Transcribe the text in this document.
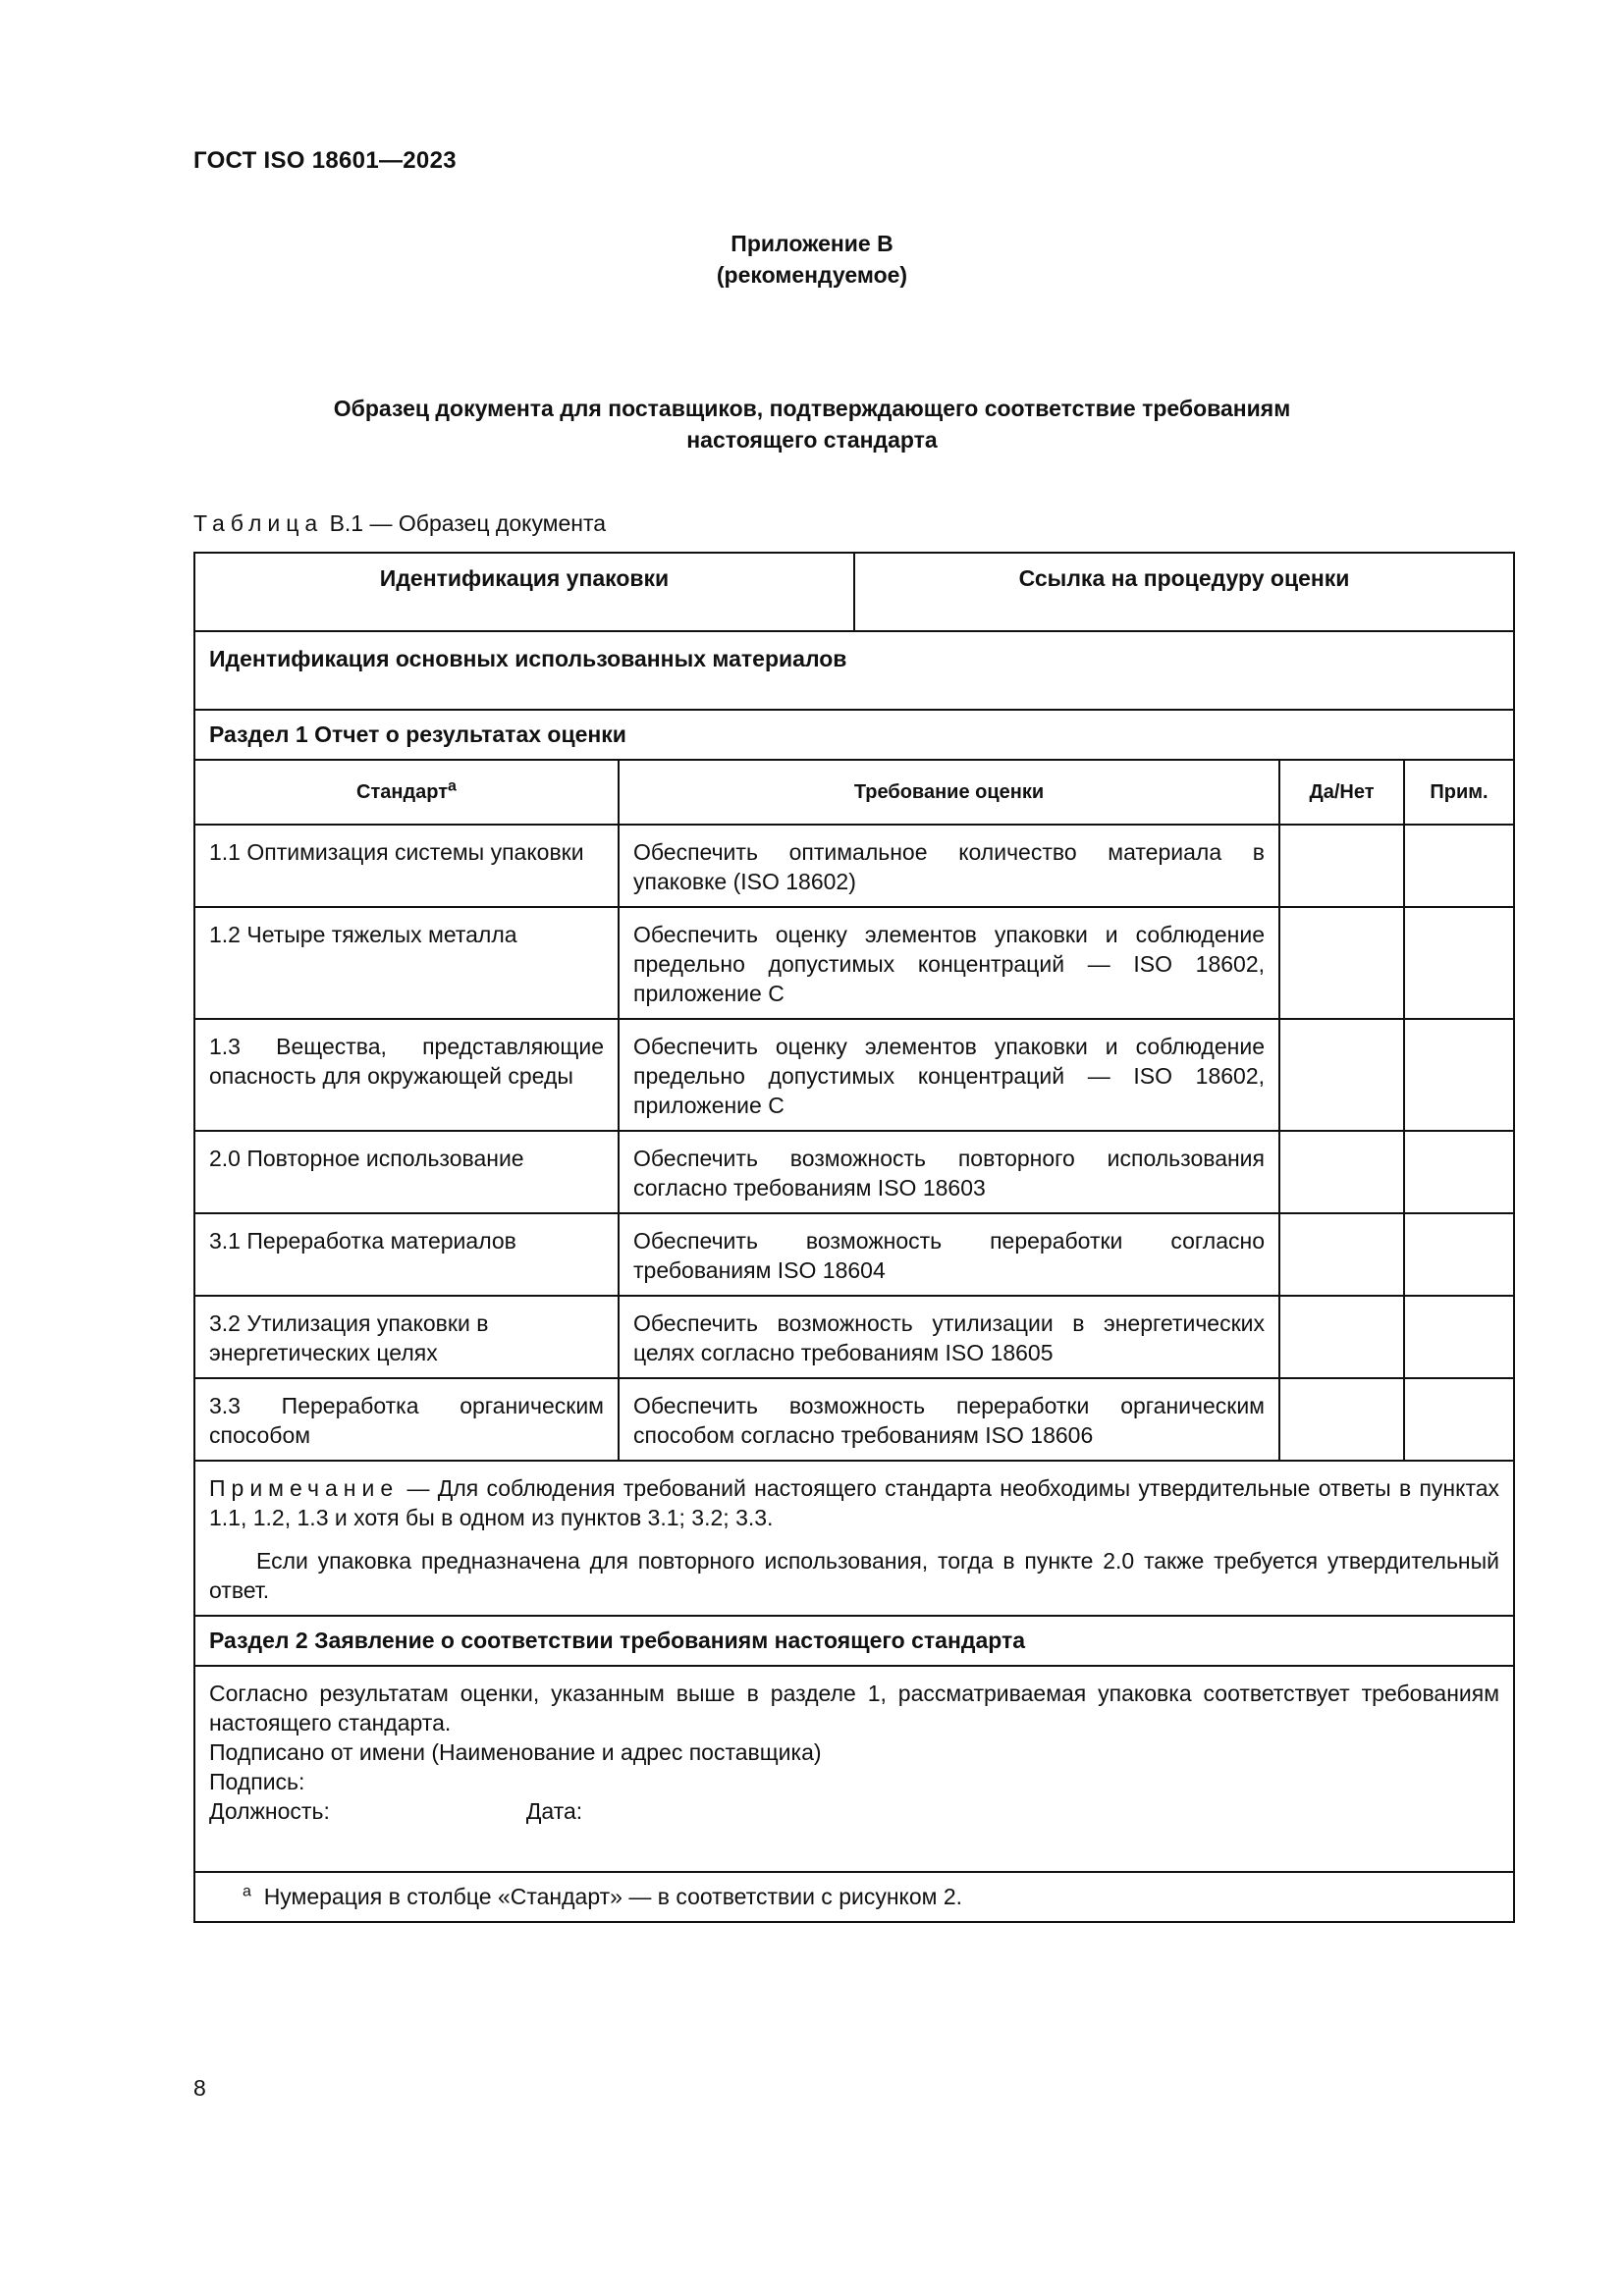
ГОСТ ISO 18601—2023
Приложение В
(рекомендуемое)
Образец документа для поставщиков, подтверждающего соответствие требованиям
настоящего стандарта
Таблица В.1 — Образец документа
Идентификация упаковки		Ссылка на процедуру оценки		
Идентификация основных использованных материалов				
Раздел 1 Отчет о результатах оценки				
Стандарт$^a$	Требование оценки		Да/Нет	Прим.
1.1 Оптимизация системы упаковки	Обеспечить оптимальное количество материала в упаковке (ISO 18602)			
1.2 Четыре тяжелых металла	Обеспечить оценку элементов упаковки и соблюдение предельно допустимых концентраций — ISO 18602, приложение С			
1.3 Вещества, представляющие опасность для окружающей среды	Обеспечить оценку элементов упаковки и соблюдение предельно допустимых концентраций — ISO 18602, приложение С			
2.0 Повторное использование	Обеспечить возможность повторного использования согласно требованиям ISO 18603			
3.1 Переработка материалов	Обеспечить возможность переработки согласно требованиям ISO 18604			
3.2 Утилизация упаковки в энергетических целях	Обеспечить возможность утилизации в энергетических целях согласно требованиям ISO 18605			
3.3 Переработка органическим способом	Обеспечить возможность переработки органическим способом согласно требованиям ISO 18606			

Примечание — Для соблюдения требований настоящего стандарта необходимы утвердительные ответы в пунктах 1.1, 1.2, 1.3 и хотя бы в одном из пунктов 3.1; 3.2; 3.3.

Если упаковка предназначена для повторного использования, тогда в пункте 2.0 также требуется утвердительный ответ.				

Раздел 2 Заявление о соответствии требованиям настоящего стандарта				

Согласно результатам оценки, указанным выше в разделе 1, рассматриваемая упаковка соответствует требованиям настоящего стандарта.
Подписано от имени (Наименование и адрес поставщика)
Подпись:
Должность: Дата:				

$^a$ Нумерация в столбце «Стандарт» — в соответствии с рисунком 2.				
8
